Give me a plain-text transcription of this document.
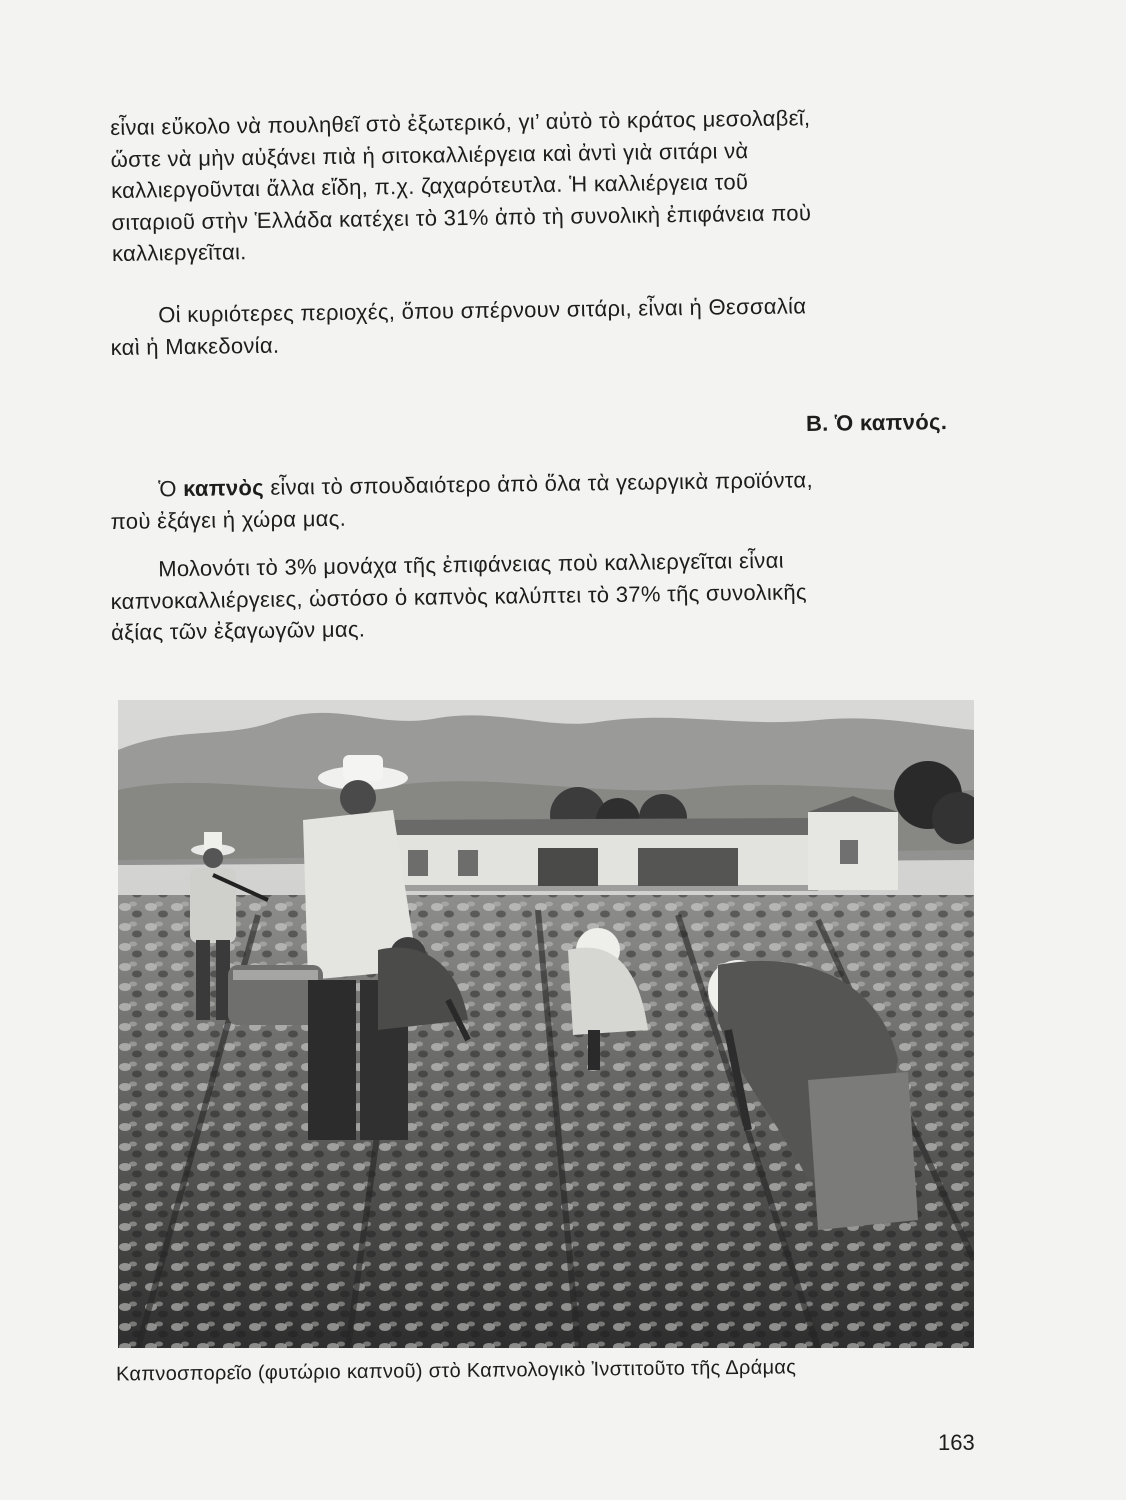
εἶναι εὔκολο νὰ πουληθεῖ στὸ ἐξωτερικό, γι’ αὐτὸ τὸ κράτος μεσολαβεῖ,
ὥστε νὰ μὴν αὐξάνει πιὰ ἡ σιτοκαλλιέργεια καὶ ἀντὶ γιὰ σιτάρι νὰ
καλλιεργοῦνται ἄλλα εἴδη, π.χ. ζαχαρότευτλα. Ἡ καλλιέργεια τοῦ
σιταριοῦ στὴν Ἑλλάδα κατέχει τὸ 31% ἀπὸ τὴ συνολικὴ ἐπιφάνεια ποὺ
καλλιεργεῖται.

Οἱ κυριότερες περιοχές, ὅπου σπέρνουν σιτάρι, εἶναι ἡ Θεσσαλία
καὶ ἡ Μακεδονία.

Β. Ὁ καπνός.

Ὁ καπνὸς εἶναι τὸ σπουδαιότερο ἀπὸ ὅλα τὰ γεωργικὰ προϊόντα,
ποὺ ἐξάγει ἡ χώρα μας.

Μολονότι τὸ 3% μονάχα τῆς ἐπιφάνειας ποὺ καλλιεργεῖται εἶναι
καπνοκαλλιέργειες, ὡστόσο ὁ καπνὸς καλύπτει τὸ 37% τῆς συνολικῆς
ἀξίας τῶν ἐξαγωγῶν μας.

Καπνοσπορεῖο (φυτώριο καπνοῦ) στὸ Καπνολογικὸ Ἰνστιτοῦτο τῆς Δράμας
163
